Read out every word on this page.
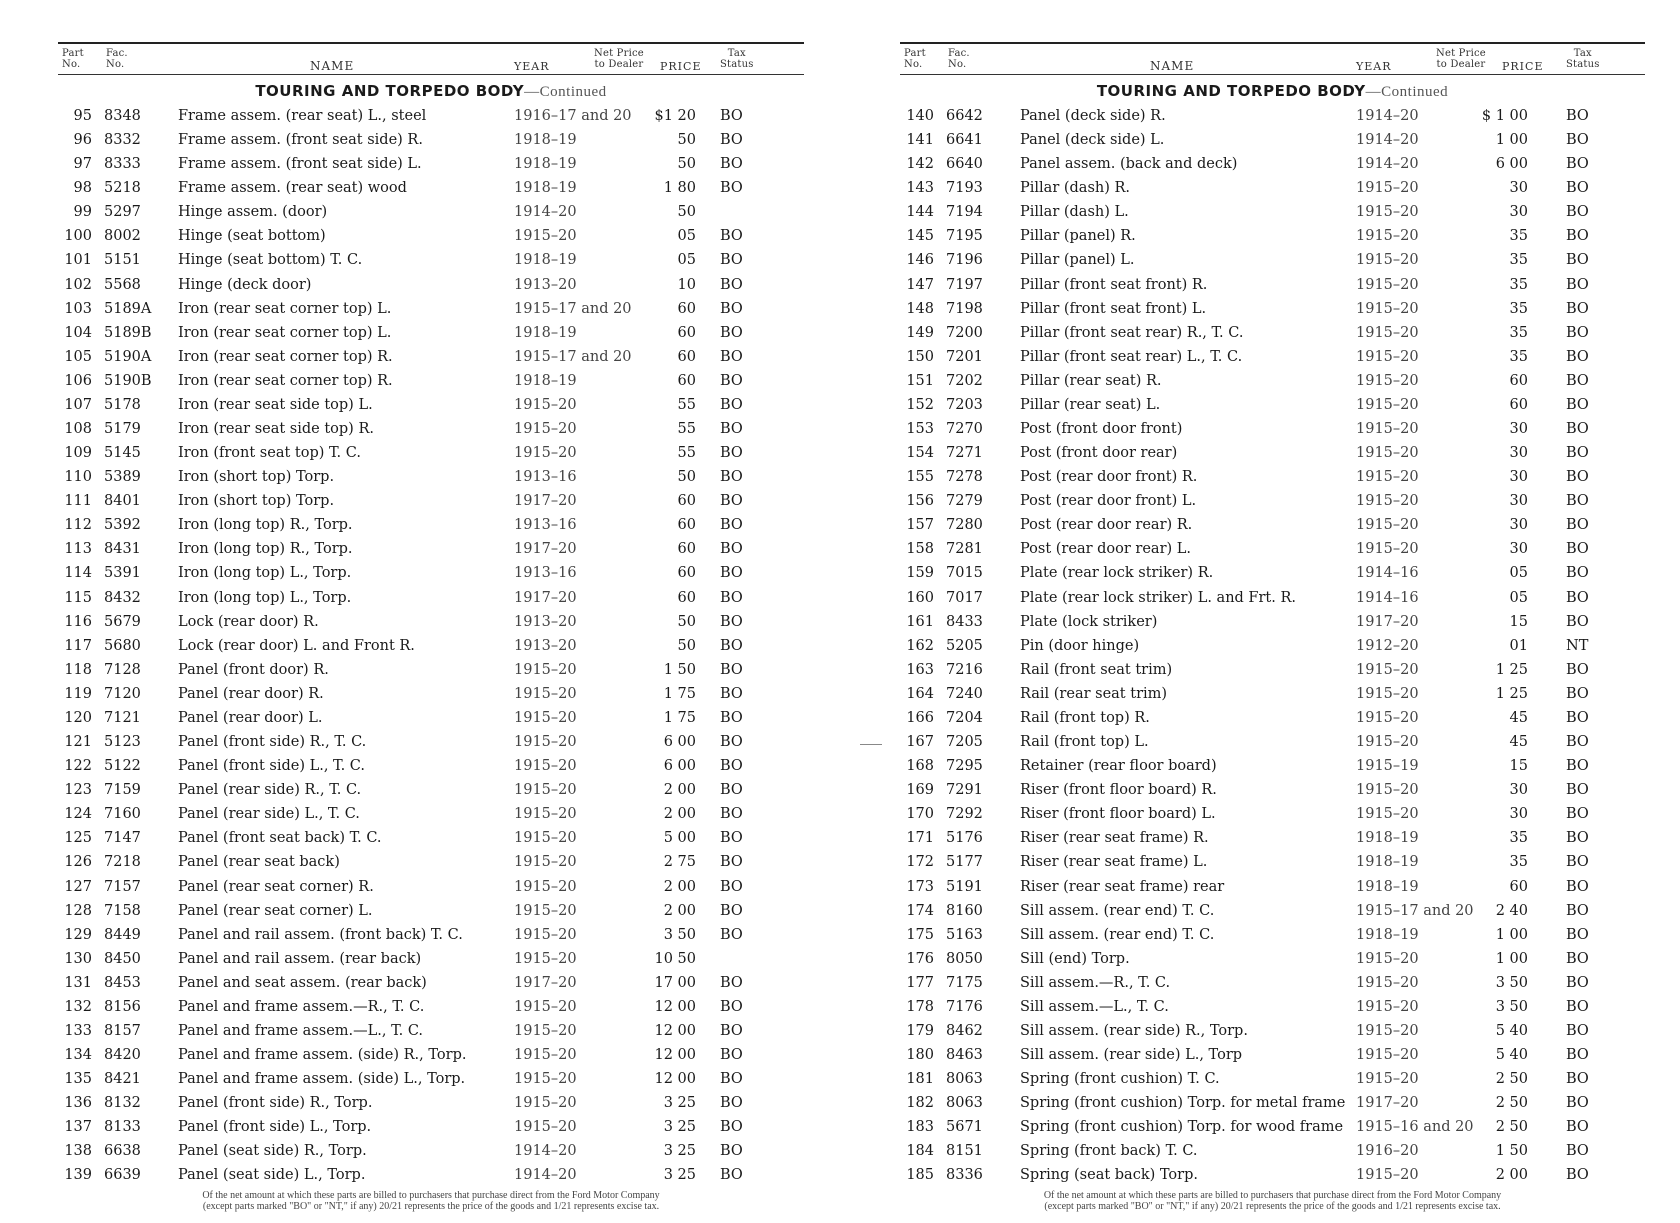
Part
No.
Fac.
No.	NAME	YEAR
Net Price
to Dealer PRICE
Tax
Status
TOURING AND TORPEDO BODY—Continued
95 8348	Frame assem. (rear seat) L., steel	1916–17 and 20	$1 20 BO
96 8332	Frame assem. (front seat side) R.	1918–19	50 BO
97 8333	Frame assem. (front seat side) L.	1918–19	50 BO
98 5218	Frame assem. (rear seat) wood	1918–19	1 80 BO
99 5297	Hinge assem. (door)	1914–20	50
100 8002	Hinge (seat bottom)	1915–20	05 BO
101 5151	Hinge (seat bottom) T. C.	1918–19	05 BO
102 5568	Hinge (deck door)	1913–20	10 BO
103 5189A Iron (rear seat corner top) L.	1915–17 and 20	60 BO
104 5189B Iron (rear seat corner top) L.	1918–19	60 BO
105 5190A Iron (rear seat corner top) R.	1915–17 and 20	60 BO
106 5190B Iron (rear seat corner top) R.	1918–19	60 BO
107 5178	Iron (rear seat side top) L.	1915–20	55 BO
108 5179	Iron (rear seat side top) R.	1915–20	55 BO
109 5145	Iron (front seat top) T. C.	1915–20	55 BO
110 5389	Iron (short top) Torp.	1913–16	50 BO
111 8401	Iron (short top) Torp.	1917–20	60 BO
112 5392	Iron (long top) R., Torp.	1913–16	60 BO
113 8431	Iron (long top) R., Torp.	1917–20	60 BO
114 5391	Iron (long top) L., Torp.	1913–16	60 BO
115 8432	Iron (long top) L., Torp.	1917–20	60 BO
116 5679	Lock (rear door) R.	1913–20	50 BO
117 5680	Lock (rear door) L. and Front R.	1913–20	50 BO
118 7128	Panel (front door) R.	1915–20	1 50 BO
119 7120	Panel (rear door) R.	1915–20	1 75 BO
120 7121	Panel (rear door) L.	1915–20	1 75 BO
121 5123	Panel (front side) R., T. C.	1915–20	6 00 BO
122 5122	Panel (front side) L., T. C.	1915–20	6 00 BO
123 7159	Panel (rear side) R., T. C.	1915–20	2 00 BO
124 7160	Panel (rear side) L., T. C.	1915–20	2 00 BO
125 7147	Panel (front seat back) T. C.	1915–20	5 00 BO
126 7218	Panel (rear seat back)	1915–20	2 75 BO
127 7157	Panel (rear seat corner) R.	1915–20	2 00 BO
128 7158	Panel (rear seat corner) L.	1915–20	2 00 BO
129 8449	Panel and rail assem. (front back) T. C.	1915–20	3 50 BO
130 8450	Panel and rail assem. (rear back)	1915–20	10 50
131 8453	Panel and seat assem. (rear back)	1917–20	17 00 BO
132 8156	Panel and frame assem.—R., T. C.	1915–20	12 00 BO
133 8157	Panel and frame assem.—L., T. C.	1915–20	12 00 BO
134 8420	Panel and frame assem. (side) R., Torp.	1915–20	12 00 BO
135 8421	Panel and frame assem. (side) L., Torp.	1915–20	12 00 BO
136 8132	Panel (front side) R., Torp.	1915–20	3 25 BO
137 8133	Panel (front side) L., Torp.	1915–20	3 25 BO
138 6638	Panel (seat side) R., Torp.	1914–20	3 25 BO
139 6639	Panel (seat side) L., Torp.	1914–20	3 25 BO
Of the net amount at which these parts are billed to purchasers that purchase direct from the Ford Motor Company
(except parts marked "BO" or "NT," if any) 20/21 represents the price of the goods and 1/21 represents excise tax.
Part
No.
Fac.
No.	NAME	YEAR
Net Price
to Dealer PRICE
Tax
Status
TOURING AND TORPEDO BODY—Continued
140 6642	Panel (deck side) R.	1914–20	$ 1 00	BO
141 6641	Panel (deck side) L.	1914–20	1 00	BO
142 6640	Panel assem. (back and deck)	1914–20	6 00	BO
143 7193	Pillar (dash) R.	1915–20	30	BO
144 7194	Pillar (dash) L.	1915–20	30	BO
145 7195	Pillar (panel) R.	1915–20	35	BO
146 7196	Pillar (panel) L.	1915–20	35	BO
147 7197	Pillar (front seat front) R.	1915–20	35	BO
148 7198	Pillar (front seat front) L.	1915–20	35	BO
149 7200	Pillar (front seat rear) R., T. C.	1915–20	35	BO
150 7201	Pillar (front seat rear) L., T. C.	1915–20	35	BO
151 7202	Pillar (rear seat) R.	1915–20	60	BO
152 7203	Pillar (rear seat) L.	1915–20	60	BO
153 7270	Post (front door front)	1915–20	30	BO
154 7271	Post (front door rear)	1915–20	30	BO
155 7278	Post (rear door front) R.	1915–20	30	BO
156 7279	Post (rear door front) L.	1915–20	30	BO
157 7280	Post (rear door rear) R.	1915–20	30	BO
158 7281	Post (rear door rear) L.	1915–20	30	BO
159 7015	Plate (rear lock striker) R.	1914–16	05	BO
160 7017	Plate (rear lock striker) L. and Frt. R.	1914–16	05	BO
161 8433	Plate (lock striker)	1917–20	15	BO
162 5205	Pin (door hinge)	1912–20	01	NT
163 7216	Rail (front seat trim)	1915–20	1 25	BO
164 7240	Rail (rear seat trim)	1915–20	1 25	BO
166 7204	Rail (front top) R.	1915–20	45	BO
167 7205	Rail (front top) L.	1915–20	45	BO
168 7295	Retainer (rear floor board)	1915–19	15	BO
169 7291	Riser (front floor board) R.	1915–20	30	BO
170 7292	Riser (front floor board) L.	1915–20	30	BO
171 5176	Riser (rear seat frame) R.	1918–19	35	BO
172 5177	Riser (rear seat frame) L.	1918–19	35	BO
173 5191	Riser (rear seat frame) rear	1918–19	60	BO
174 8160	Sill assem. (rear end) T. C.	1915–17 and 20	2 40	BO
175 5163	Sill assem. (rear end) T. C.	1918–19	1 00	BO
176 8050	Sill (end) Torp.	1915–20	1 00	BO
177 7175	Sill assem.—R., T. C.	1915–20	3 50	BO
178 7176	Sill assem.—L., T. C.	1915–20	3 50	BO
179 8462	Sill assem. (rear side) R., Torp.	1915–20	5 40	BO
180 8463	Sill assem. (rear side) L., Torp	1915–20	5 40	BO
181 8063	Spring (front cushion) T. C.	1915–20	2 50	BO
182 8063	Spring (front cushion) Torp. for metal frame 1917–20	2 50	BO
183 5671	Spring (front cushion) Torp. for wood frame 1915–16 and 20	2 50	BO
184 8151	Spring (front back) T. C.	1916–20	1 50	BO
185 8336	Spring (seat back) Torp.	1915–20	2 00	BO
Of the net amount at which these parts are billed to purchasers that purchase direct from the Ford Motor Company
(except parts marked "BO" or "NT," if any) 20/21 represents the price of the goods and 1/21 represents excise tax.
